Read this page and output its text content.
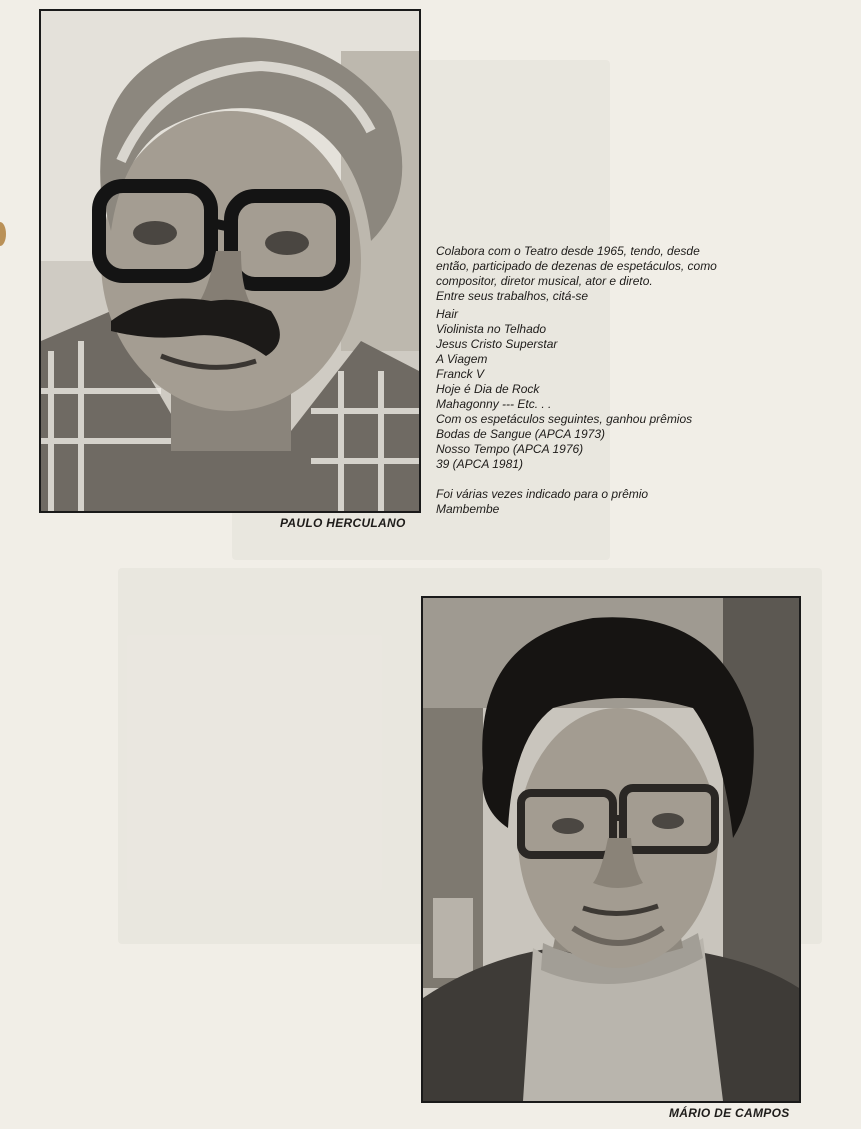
PAULO HERCULANO
Colabora com o Teatro desde 1965, tendo, desde então, participado de dezenas de espetáculos, como compositor, diretor musical, ator e direto.
Entre seus trabalhos, citá-se
Hair
Violinista no Telhado
Jesus Cristo Superstar
A Viagem
Franck V
Hoje é Dia de Rock
Mahagonny --- Etc. . .
Com os espetáculos seguintes, ganhou prêmios
Bodas de Sangue (APCA 1973)
Nosso Tempo (APCA 1976)
39 (APCA 1981)
Foi várias vezes indicado para o prêmio Mambembe
MÁRIO DE CAMPOS
